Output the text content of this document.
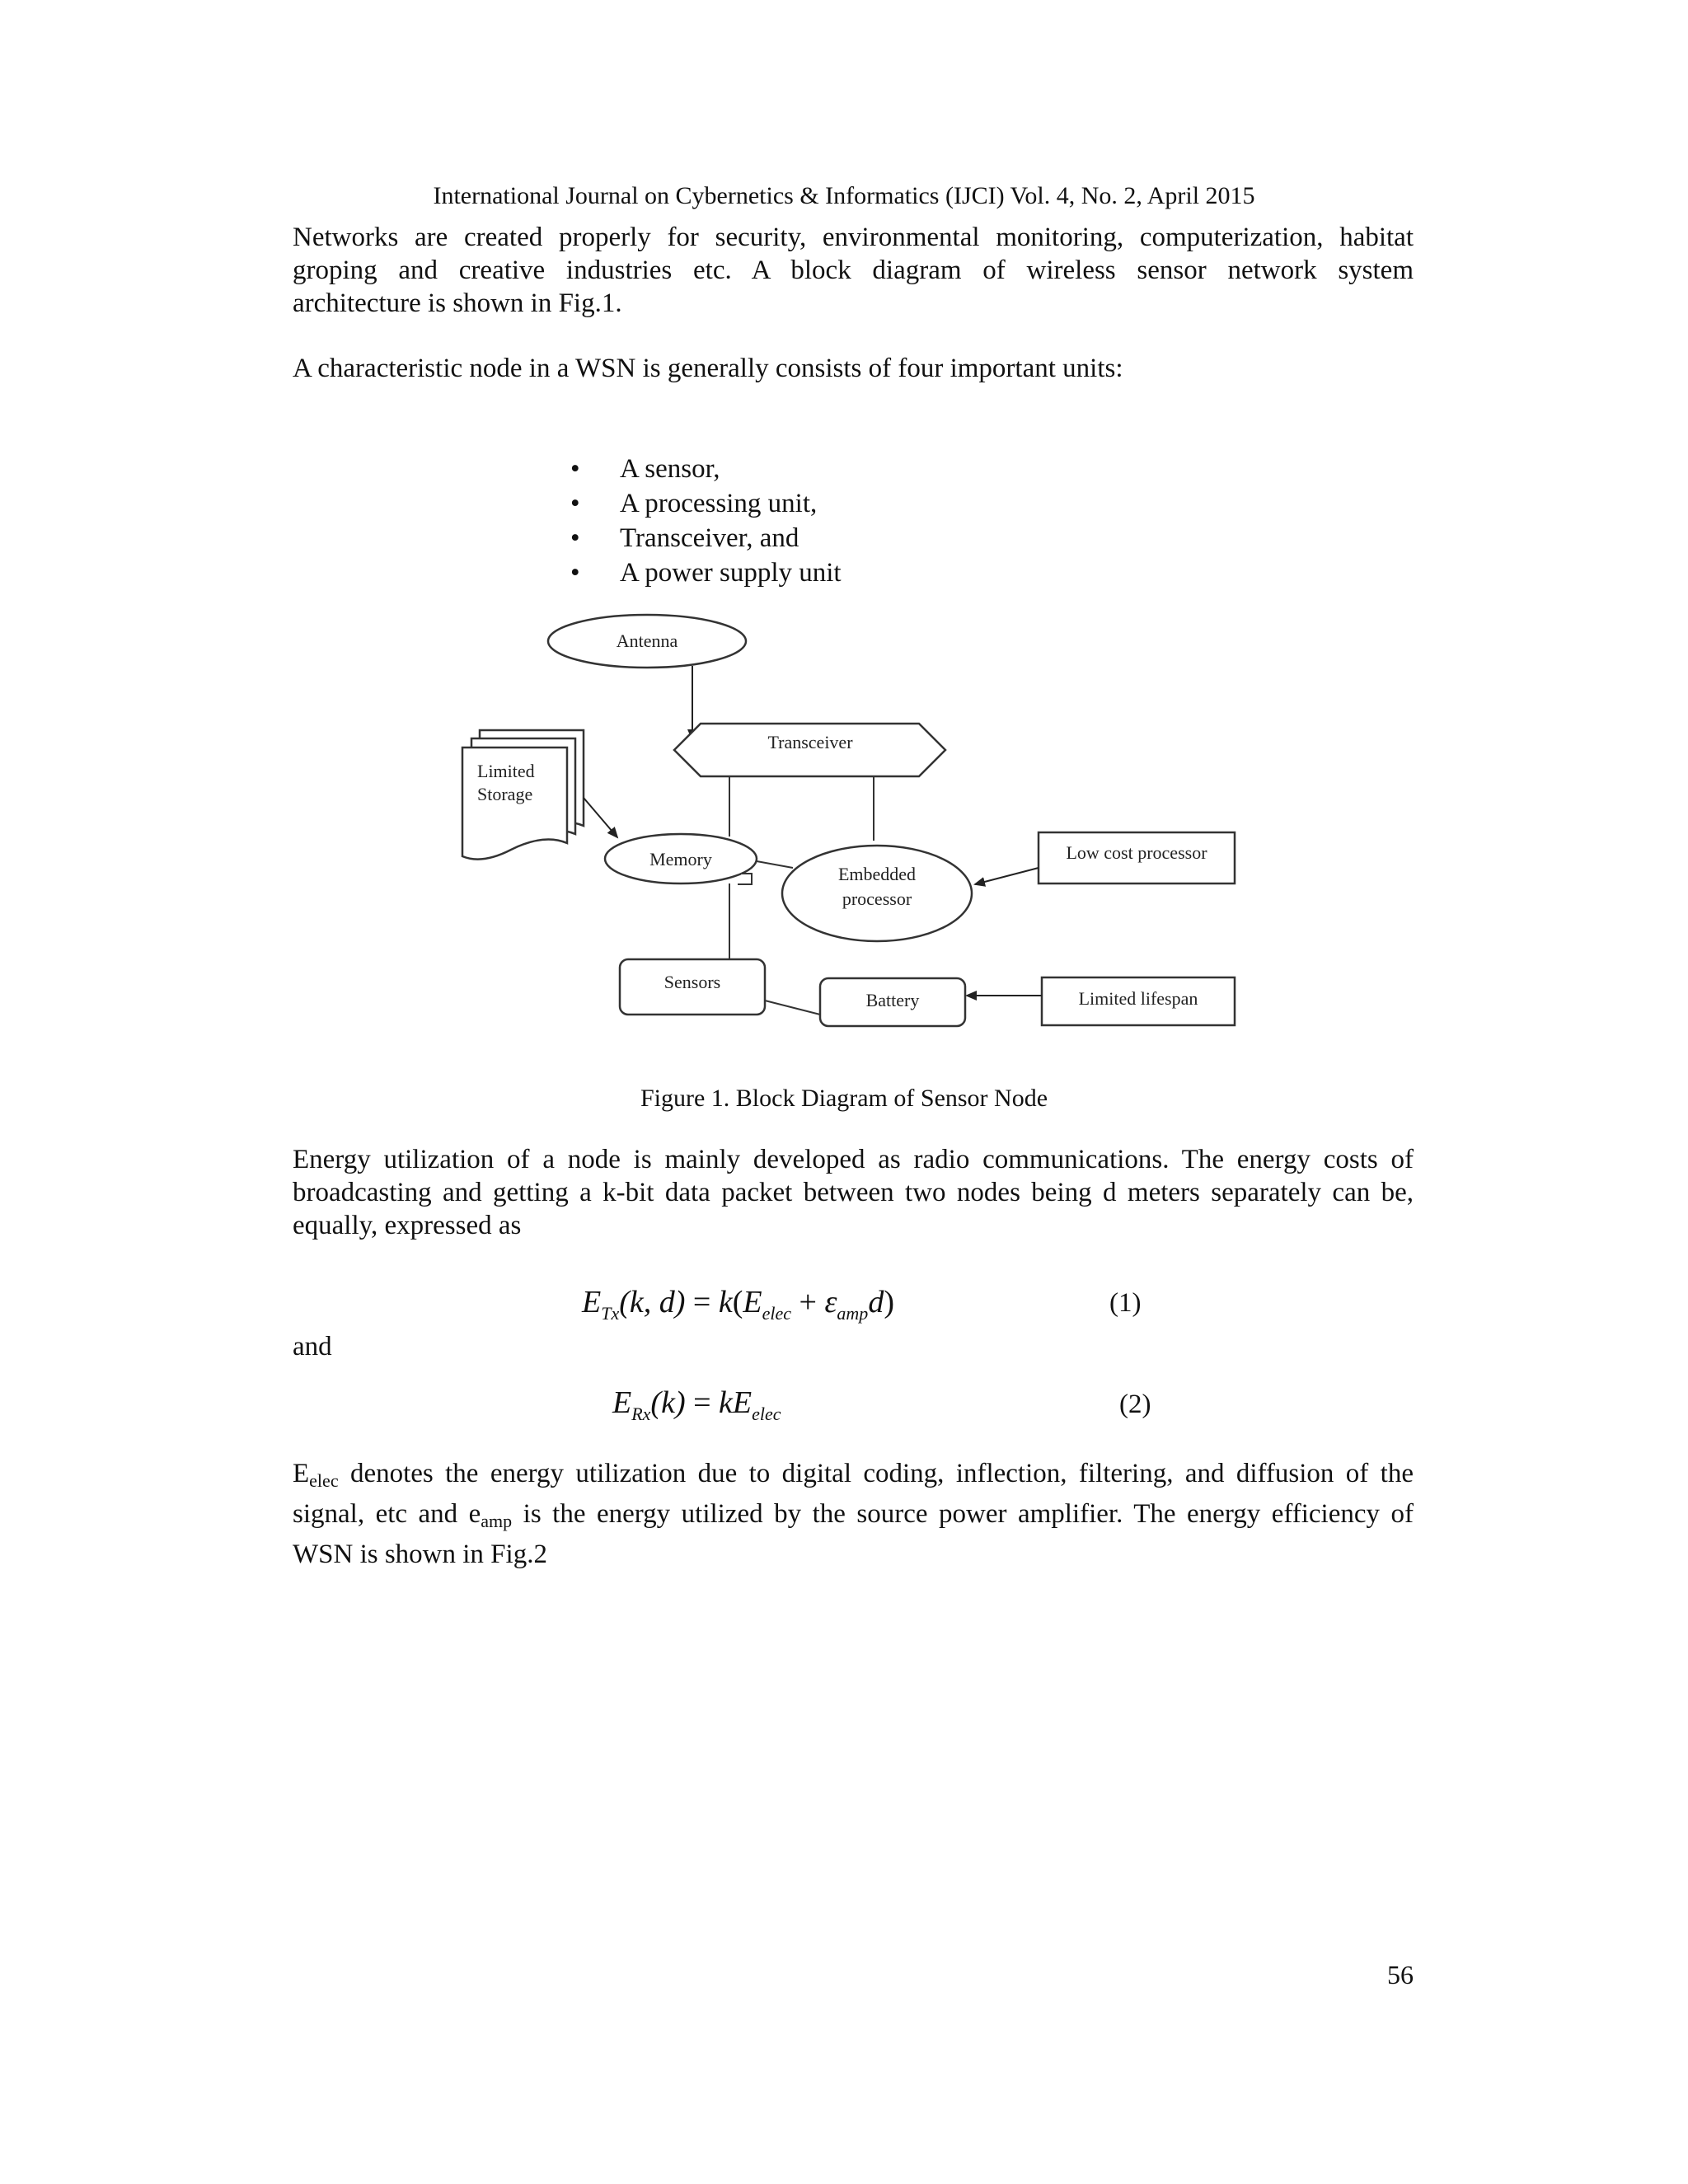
International Journal on Cybernetics & Informatics (IJCI) Vol. 4, No. 2, April 2015
Networks are created properly for security, environmental monitoring, computerization, habitat
groping and creative industries etc. A block diagram of wireless sensor network system
architecture is shown in Fig.1.
A characteristic node in a WSN is generally consists of four important units:
• A sensor,
• A processing unit,
• Transceiver, and
• A power supply unit
Antenna
Transceiver
Limited
Storage
Memory
Embedded
processor
Low cost processor
Sensors
Battery	Limited lifespan
Figure 1. Block Diagram of Sensor Node
Energy utilization of a node is mainly developed as radio communications. The energy costs of
broadcasting and getting a k-bit data packet between two nodes being d meters separately can be,
equally, expressed as
$E_{Tx}(k$, $d) = k(E_{elec} + \varepsilon_{amp}d)$	(1)
and
$E_{Rx}(k) = kE_{elec}$	(2)
$E_{elec}$ denotes the energy utilization due to digital coding, inflection, filtering, and diffusion of the
signal, etc and $e_{amp}$ is the energy utilized by the source power amplifier. The energy efficiency of
WSN is shown in Fig.2
56
